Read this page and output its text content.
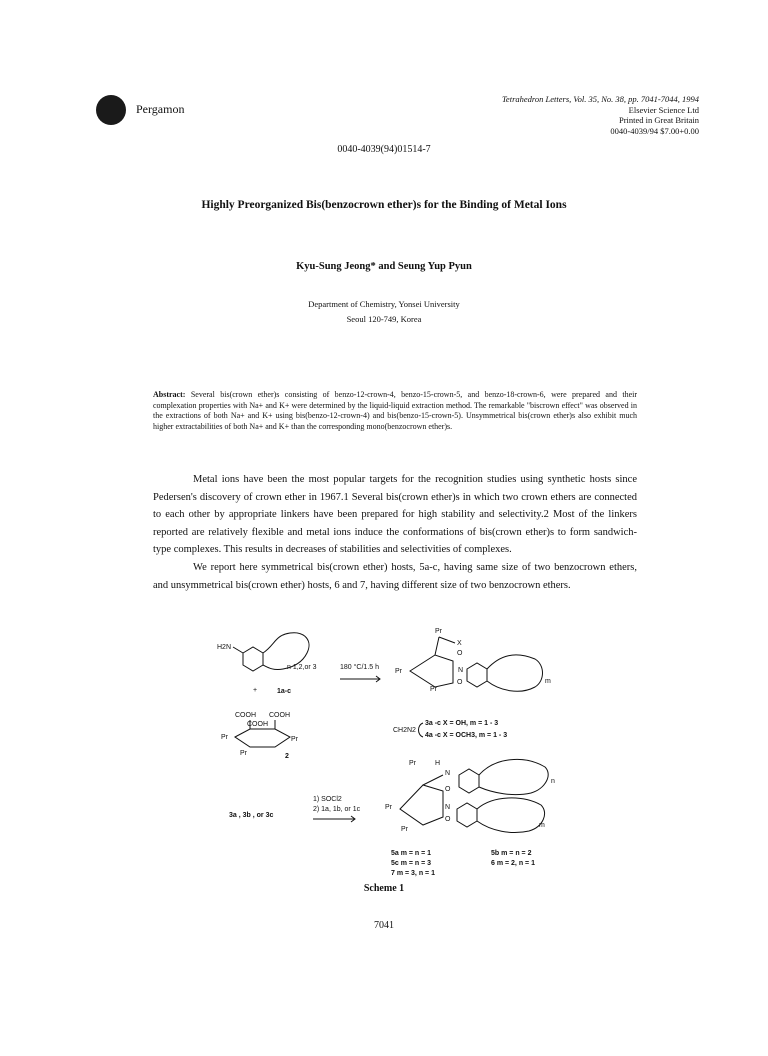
Pergamon
Tetrahedron Letters, Vol. 35, No. 38, pp. 7041-7044, 1994
Elsevier Science Ltd
Printed in Great Britain
0040-4039/94 $7.00+0.00
0040-4039(94)01514-7
Highly Preorganized Bis(benzocrown ether)s for the Binding of Metal Ions
Kyu-Sung Jeong* and Seung Yup Pyun
Department of Chemistry, Yonsei University
Seoul 120-749, Korea
Abstract: Several bis(crown ether)s consisting of benzo-12-crown-4, benzo-15-crown-5, and benzo-18-crown-6, were prepared and their complexation properties with Na+ and K+ were determined by the liquid-liquid extraction method. The remarkable "biscrown effect" was observed in the extractions of both Na+ and K+ using bis(benzo-12-crown-4) and bis(benzo-15-crown-5). Unsymmetrical bis(crown ether)s also exhibit much higher extractabilities of both Na+ and K+ than the corresponding mono(benzocrown ether)s.

Metal ions have been the most popular targets for the recognition studies using synthetic hosts since Pedersen's discovery of crown ether in 1967.1 Several bis(crown ether)s in which two crown ethers are connected to each other by appropriate linkers have been prepared for high stability and selectivity.2 Most of the linkers reported are relatively flexible and metal ions induce the conformations of bis(crown ether)s to form sandwich-type complexes. This results in decreases of stabilities and selectivities of complexes.

We report here symmetrical bis(crown ether) hosts, 5a-c, having same size of two benzocrown ethers, and unsymmetrical bis(crown ether) hosts, 6 and 7, having different size of two benzocrown ethers.

H2N
n 1,2,or 3
+	1a-c
COOH COOH
COOH
Pr	Pr
Pr	2
180 °C/1.5 h
Pr
X
Pr
Pr
O
N
O	m
CH2N2
3a -c X = OH, m = 1 - 3
4a -c X = OCH3, m = 1 - 3
3a , 3b , or 3c
1) SOCl2
2) 1a, 1b, or 1c
Pr	H
N
Pr
Pr
O
N
O
n
m
5a m = n = 1	5b m = n = 2
5c m = n = 3	6 m = 2, n = 1
7 m = 3, n = 1
Scheme 1
7041
